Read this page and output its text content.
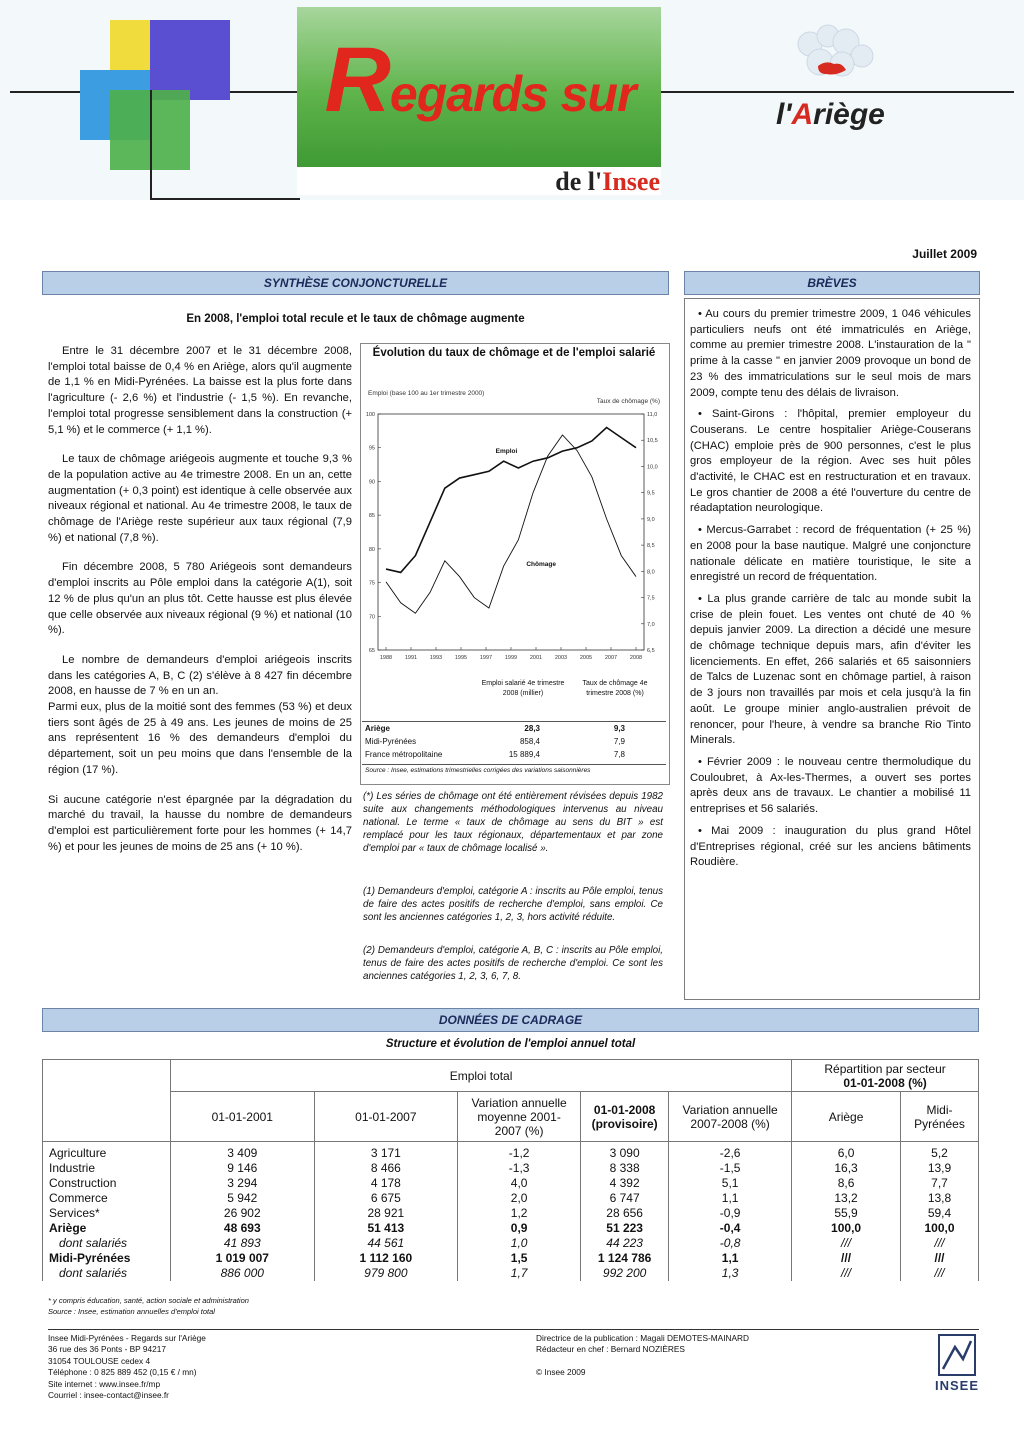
Regards sur
de l'Insee
l'Ariège
Juillet 2009
SYNTHÈSE CONJONCTURELLE
En 2008, l'emploi total recule et le taux de chômage augmente

Entre le 31 décembre 2007 et le 31 décembre 2008, l'emploi total baisse de 0,4 % en Ariège, alors qu'il augmente de 1,1 % en Midi-Pyrénées. La baisse est la plus forte dans l'agriculture (- 2,6 %) et l'industrie (- 1,5 %). En revanche, l'emploi total progresse sensiblement dans la construction (+ 5,1 %) et le commerce (+ 1,1 %).

Le taux de chômage ariégeois augmente et touche 9,3 % de la population active au 4e trimestre 2008. En un an, cette augmentation (+ 0,3 point) est identique à celle observée aux niveaux régional et national. Au 4e trimestre 2008, le taux de chômage de l'Ariège reste supérieur aux taux régional (7,9 %) et national (7,8 %).

Fin décembre 2008, 5 780 Ariégeois sont demandeurs d'emploi inscrits au Pôle emploi dans la catégorie A(1), soit 12 % de plus qu'un an plus tôt. Cette hausse est plus élevée que celle observée aux niveaux régional (9 %) et national (10 %).

Le nombre de demandeurs d'emploi ariégeois inscrits dans les catégories A, B, C (2) s'élève à 8 427 fin décembre 2008, en hausse de 7 % en un an.

Parmi eux, plus de la moitié sont des femmes (53 %) et deux tiers sont âgés de 25 à 49 ans. Les jeunes de moins de 25 ans représentent 16 % des demandeurs d'emploi du département, soit un peu moins que dans l'ensemble de la région (17 %).

Si aucune catégorie n'est épargnée par la dégradation du marché du travail, la hausse du nombre de demandeurs d'emploi est particulièrement forte pour les hommes (+ 14,7 %) et pour les jeunes de moins de 25 ans (+ 10 %).

Évolution du taux de chômage et de l'emploi salarié
Emploi (base 100 au 1er trimestre 2000)
Taux de chômage (%)
100
95
90
85
80
75
70
65
11,0
10,5
10,0
9,5
9,0
8,5
8,0
7,5
7,0
6,5
1988 1991 1993 1995 1997 1999 2001 2003 2005 2007 2008
Emploi
Chômage
Emploi salarié 4e trimestre 2008 (millier)
Taux de chômage 4e trimestre 2008 (%)
Ariège	28,3	9,3
Midi-Pyrénées	858,4	7,9
France métropolitaine	15 889,4	7,8
Source : Insee, estimations trimestrielles corrigées des variations saisonnières
(*) Les séries de chômage ont été entièrement révisées depuis 1982 suite aux changements méthodologiques intervenus au niveau national. Le terme « taux de chômage au sens du BIT » est remplacé pour les taux régionaux, départementaux et par zone d'emploi par « taux de chômage localisé ».
(1) Demandeurs d'emploi, catégorie A : inscrits au Pôle emploi, tenus de faire des actes positifs de recherche d'emploi, sans emploi. Ce sont les anciennes catégories 1, 2, 3, hors activité réduite.
(2) Demandeurs d'emploi, catégorie A, B, C : inscrits au Pôle emploi, tenus de faire des actes positifs de recherche d'emploi. Ce sont les anciennes catégories 1, 2, 3, 6, 7, 8.
BRÈVES
• Au cours du premier trimestre 2009, 1 046 véhicules particuliers neufs ont été immatriculés en Ariège, comme au premier trimestre 2008. L'instauration de la " prime à la casse " en janvier 2009 provoque un bond de 23 % des immatriculations sur le seul mois de mars 2009, compte tenu des délais de livraison.
• Saint-Girons : l'hôpital, premier employeur du Couserans. Le centre hospitalier Ariège-Couserans (CHAC) emploie près de 900 personnes, c'est le plus gros employeur de la région. Avec ses huit pôles d'activité, le CHAC est en restructuration et en travaux. Le gros chantier de 2008 a été l'ouverture du centre de réadaptation neurologique.
• Mercus-Garrabet : record de fréquentation (+ 25 %) en 2008 pour la base nautique. Malgré une conjoncture nationale délicate en matière touristique, le site a enregistré un record de fréquentation.
• La plus grande carrière de talc au monde subit la crise de plein fouet. Les ventes ont chuté de 40 % depuis janvier 2009. La direction a décidé une mesure de chômage technique depuis mars, afin d'éviter les licenciements. En effet, 266 salariés et 65 saisonniers de Talcs de Luzenac sont en chômage partiel, à raison de 3 jours non travaillés par mois et cela jusqu'à la fin août. Le groupe minier anglo-australien prévoit de renoncer, pour l'heure, à vendre sa branche Rio Tinto Minerals.
• Février 2009 : le nouveau centre thermoludique du Couloubret, à Ax-les-Thermes, a ouvert ses portes après deux ans de travaux. Le chantier a mobilisé 11 entreprises et 56 salariés.
• Mai 2009 : inauguration du plus grand Hôtel d'Entreprises régional, créé sur les anciens bâtiments Roudière.
DONNÉES DE CADRAGE
Structure et évolution de l'emploi annuel total
	Emploi total					Répartition par secteur
01-01-2008 (%)	
	01-01-2001	01-01-2007	Variation annuelle moyenne 2001-2007 (%)	01-01-2008 (provisoire)	Variation annuelle 2007-2008 (%)	Ariège	Midi-Pyrénées
Agriculture	3 409	3 171	-1,2	3 090	-2,6	6,0	5,2
Industrie	9 146	8 466	-1,3	8 338	-1,5	16,3	13,9
Construction	3 294	4 178	4,0	4 392	5,1	8,6	7,7
Commerce	5 942	6 675	2,0	6 747	1,1	13,2	13,8
Services*	26 902	28 921	1,2	28 656	-0,9	55,9	59,4
Ariège	48 693	51 413	0,9	51 223	-0,4	100,0	100,0
dont salariés	41 893	44 561	1,0	44 223	-0,8	///	///
Midi-Pyrénées	1 019 007	1 112 160	1,5	1 124 786	1,1	///	///
dont salariés	886 000	979 800	1,7	992 200	1,3	///	///
* y compris éducation, santé, action sociale et administration
Source : Insee, estimation annuelles d'emploi total
Insee Midi-Pyrénées - Regards sur l'Ariège
36 rue des 36 Ponts - BP 94217
31054 TOULOUSE cedex 4
Téléphone : 0 825 889 452 (0,15 € / mn)
Site internet : www.insee.fr/mp
Courriel : insee-contact@insee.fr
Directrice de la publication : Magali DEMOTES-MAINARD
Rédacteur en chef : Bernard NOZIÈRES
© Insee 2009
INSEE
